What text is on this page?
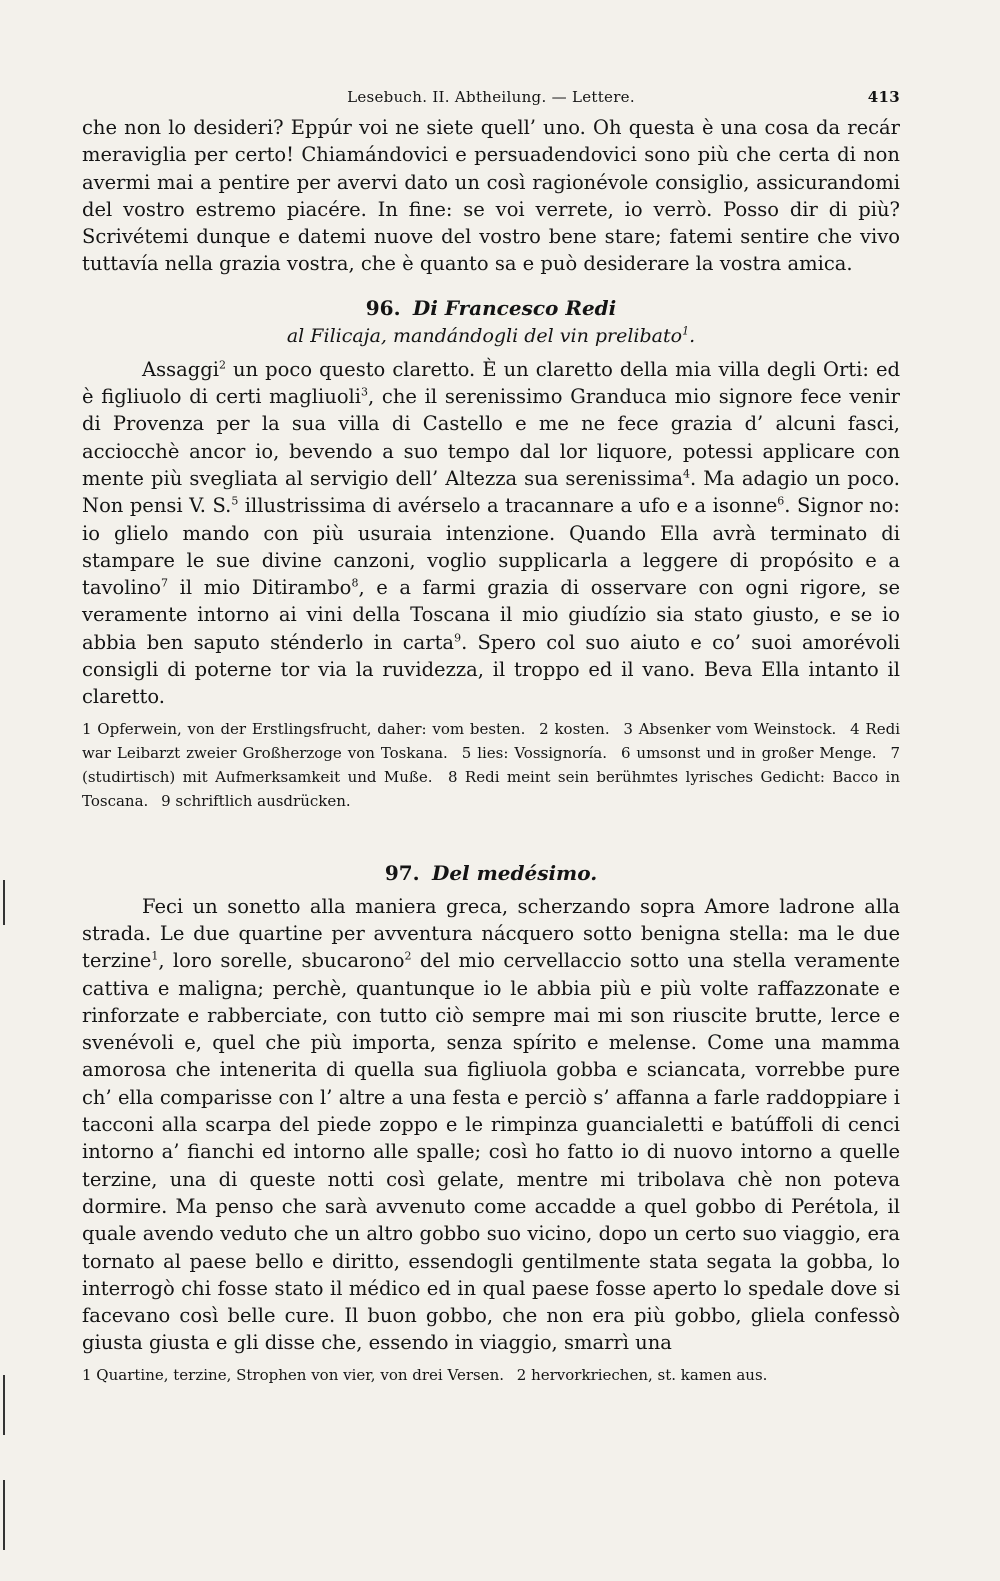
Lesebuch. II. Abtheilung. — Lettere.	413

che non lo desideri? Eppúr voi ne siete quell’ uno. Oh questa è una cosa da recár meraviglia per certo! Chiamándovici e persuadendovici sono più che certa di non avermi mai a pentire per avervi dato un così ragionévole consiglio, assicurandomi del vostro estremo piacére. In fine: se voi verrete, io verrò. Posso dir di più? Scrivétemi dunque e datemi nuove del vostro bene stare; fatemi sentire che vivo tuttavía nella grazia vostra, che è quanto sa e può desiderare la vostra amica.

96. Di Francesco Redi
al Filicaja, mandándogli del vin prelibato$^1$.

Assaggi$^2$ un poco questo claretto. È un claretto della mia villa degli Orti: ed è figliuolo di certi magliuoli$^3$, che il serenissimo Granduca mio signore fece venir di Provenza per la sua villa di Castello e me ne fece grazia d’ alcuni fasci, acciocchè ancor io, bevendo a suo tempo dal lor liquore, potessi applicare con mente più svegliata al servigio dell’ Altezza sua serenissima$^4$. Ma adagio un poco. Non pensi V. S.$^5$ illustrissima di avérselo a tracannare a ufo e a isonne$^6$. Signor no: io glielo mando con più usuraia intenzione. Quando Ella avrà terminato di stampare le sue divine canzoni, voglio supplicarla a leggere di propósito e a tavolino$^7$ il mio Ditirambo$^8$, e a farmi grazia di osservare con ogni rigore, se veramente intorno ai vini della Toscana il mio giudízio sia stato giusto, e se io abbia ben saputo sténderlo in carta$^9$. Spero col suo aiuto e co’ suoi amorévoli consigli di poterne tor via la ruvidezza, il troppo ed il vano. Beva Ella intanto il claretto.

1 Opferwein, von der Erstlingsfrucht, daher: vom besten. 2 kosten. 3 Absenker vom Weinstock. 4 Redi war Leibarzt zweier Großherzoge von Toskana. 5 lies: Vossignoría. 6 umsonst und in großer Menge. 7 (studirtisch) mit Aufmerksamkeit und Muße. 8 Redi meint sein berühmtes lyrisches Gedicht: Bacco in Toscana. 9 schriftlich ausdrücken.
97. Del medésimo.

Feci un sonetto alla maniera greca, scherzando sopra Amore ladrone alla strada. Le due quartine per avventura nácquero sotto benigna stella: ma le due terzine$^1$, loro sorelle, sbucarono$^2$ del mio cervellaccio sotto una stella veramente cattiva e maligna; perchè, quantunque io le abbia più e più volte raffazzonate e rinforzate e rabberciate, con tutto ciò sempre mai mi son riuscite brutte, lerce e svenévoli e, quel che più importa, senza spírito e melense. Come una mamma amorosa che intenerita di quella sua figliuola gobba e sciancata, vorrebbe pure ch’ ella comparisse con l’ altre a una festa e perciò s’ affanna a farle raddoppiare i tacconi alla scarpa del piede zoppo e le rimpinza guancialetti e batúffoli di cenci intorno a’ fianchi ed intorno alle spalle; così ho fatto io di nuovo intorno a quelle terzine, una di queste notti così gelate, mentre mi tribolava chè non poteva dormire. Ma penso che sarà avvenuto come accadde a quel gobbo di Perétola, il quale avendo veduto che un altro gobbo suo vicino, dopo un certo suo viaggio, era tornato al paese bello e diritto, essendogli gentilmente stata segata la gobba, lo interrogò chi fosse stato il médico ed in qual paese fosse aperto lo spedale dove si facevano così belle cure. Il buon gobbo, che non era più gobbo, gliela confessò giusta giusta e gli disse che, essendo in viaggio, smarrì una

1 Quartine, terzine, Strophen von vier, von drei Versen. 2 hervorkriechen, st. kamen aus.
